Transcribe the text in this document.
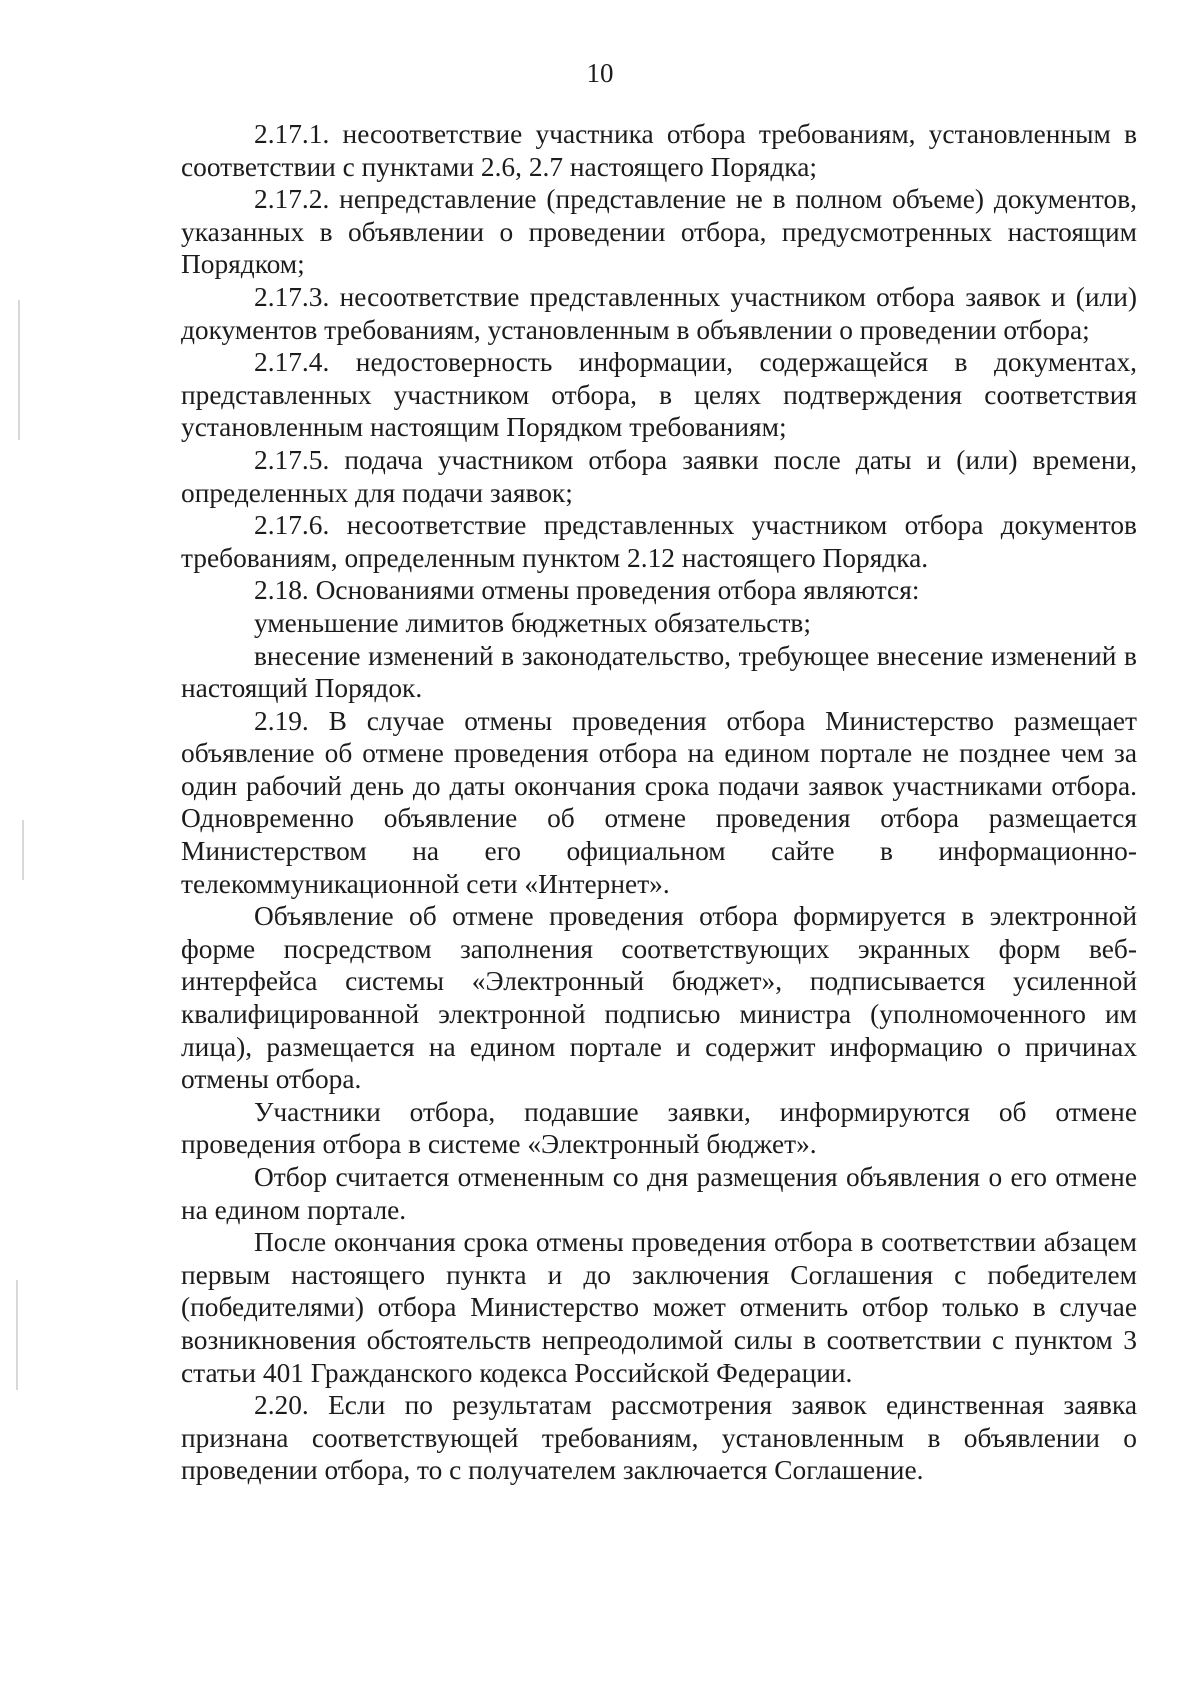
10

2.17.1. несоответствие участника отбора требованиям, установленным в соответствии с пунктами 2.6, 2.7 настоящего Порядка;

2.17.2. непредставление (представление не в полном объеме) документов, указанных в объявлении о проведении отбора, предусмотренных настоящим Порядком;

2.17.3. несоответствие представленных участником отбора заявок и (или) документов требованиям, установленным в объявлении о проведении отбора;

2.17.4. недостоверность информации, содержащейся в документах, представленных участником отбора, в целях подтверждения соответствия установленным настоящим Порядком требованиям;

2.17.5. подача участником отбора заявки после даты и (или) времени, определенных для подачи заявок;

2.17.6. несоответствие представленных участником отбора документов требованиям, определенным пунктом 2.12 настоящего Порядка.

2.18. Основаниями отмены проведения отбора являются:

уменьшение лимитов бюджетных обязательств;

внесение изменений в законодательство, требующее внесение изменений в настоящий Порядок.

2.19. В случае отмены проведения отбора Министерство размещает объявление об отмене проведения отбора на едином портале не позднее чем за один рабочий день до даты окончания срока подачи заявок участниками отбора. Одновременно объявление об отмене проведения отбора размещается Министерством на его официальном сайте в информационно-телекоммуникационной сети «Интернет».

Объявление об отмене проведения отбора формируется в электронной форме посредством заполнения соответствующих экранных форм веб-интерфейса системы «Электронный бюджет», подписывается усиленной квалифицированной электронной подписью министра (уполномоченного им лица), размещается на едином портале и содержит информацию о причинах отмены отбора.

Участники отбора, подавшие заявки, информируются об отмене проведения отбора в системе «Электронный бюджет».

Отбор считается отмененным со дня размещения объявления о его отмене на едином портале.

После окончания срока отмены проведения отбора в соответствии абзацем первым настоящего пункта и до заключения Соглашения с победителем (победителями) отбора Министерство может отменить отбор только в случае возникновения обстоятельств непреодолимой силы в соответствии с пунктом 3 статьи 401 Гражданского кодекса Российской Федерации.

2.20. Если по результатам рассмотрения заявок единственная заявка признана соответствующей требованиям, установленным в объявлении о проведении отбора, то с получателем заключается Соглашение.
